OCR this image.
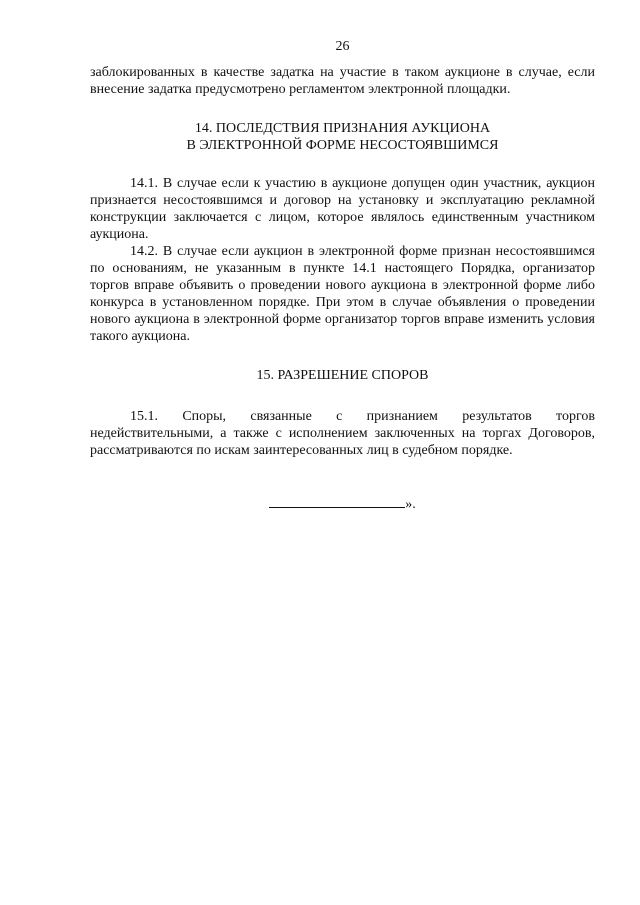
26

заблокированных в качестве задатка на участие в таком аукционе в случае, если внесение задатка предусмотрено регламентом электронной площадки.

14. ПОСЛЕДСТВИЯ ПРИЗНАНИЯ АУКЦИОНА

В ЭЛЕКТРОННОЙ ФОРМЕ НЕСОСТОЯВШИМСЯ

14.1. В случае если к участию в аукционе допущен один участник, аукцион признается несостоявшимся и договор на установку и эксплуатацию рекламной конструкции заключается с лицом, которое являлось единственным участником аукциона.

14.2. В случае если аукцион в электронной форме признан несостоявшимся по основаниям, не указанным в пункте 14.1 настоящего Порядка, организатор торгов вправе объявить о проведении нового аукциона в электронной форме либо конкурса в установленном порядке. При этом в случае объявления о проведении нового аукциона в электронной форме организатор торгов вправе изменить условия такого аукциона.

15. РАЗРЕШЕНИЕ СПОРОВ

15.1. Споры, связанные с признанием результатов торгов недействительными, а также с исполнением заключенных на торгах Договоров, рассматриваются по искам заинтересованных лиц в судебном порядке.

».
